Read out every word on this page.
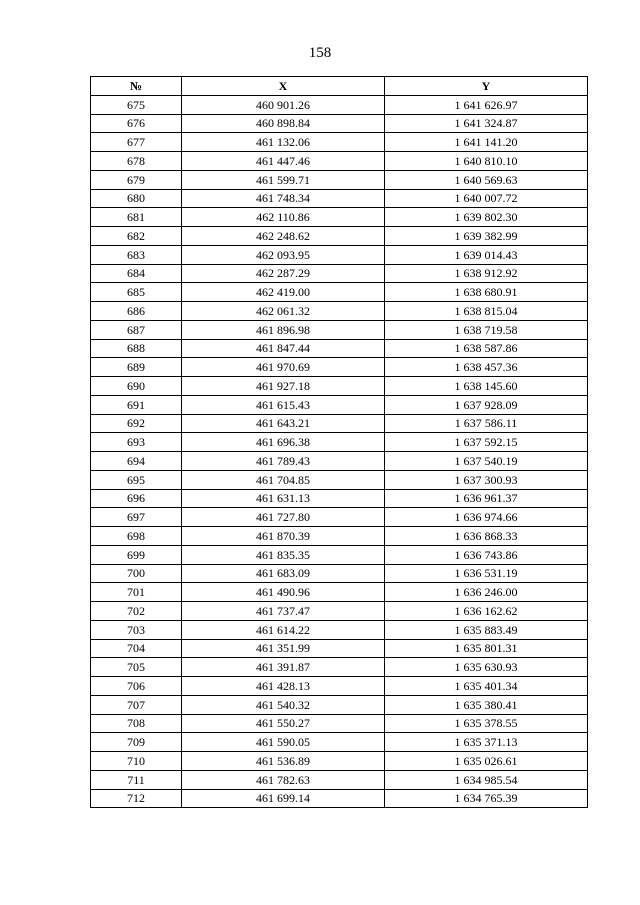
158
№	X	Y
675	460 901.26	1 641 626.97
676	460 898.84	1 641 324.87
677	461 132.06	1 641 141.20
678	461 447.46	1 640 810.10
679	461 599.71	1 640 569.63
680	461 748.34	1 640 007.72
681	462 110.86	1 639 802.30
682	462 248.62	1 639 382.99
683	462 093.95	1 639 014.43
684	462 287.29	1 638 912.92
685	462 419.00	1 638 680.91
686	462 061.32	1 638 815.04
687	461 896.98	1 638 719.58
688	461 847.44	1 638 587.86
689	461 970.69	1 638 457.36
690	461 927.18	1 638 145.60
691	461 615.43	1 637 928.09
692	461 643.21	1 637 586.11
693	461 696.38	1 637 592.15
694	461 789.43	1 637 540.19
695	461 704.85	1 637 300.93
696	461 631.13	1 636 961.37
697	461 727.80	1 636 974.66
698	461 870.39	1 636 868.33
699	461 835.35	1 636 743.86
700	461 683.09	1 636 531.19
701	461 490.96	1 636 246.00
702	461 737.47	1 636 162.62
703	461 614.22	1 635 883.49
704	461 351.99	1 635 801.31
705	461 391.87	1 635 630.93
706	461 428.13	1 635 401.34
707	461 540.32	1 635 380.41
708	461 550.27	1 635 378.55
709	461 590.05	1 635 371.13
710	461 536.89	1 635 026.61
711	461 782.63	1 634 985.54
712	461 699.14	1 634 765.39
